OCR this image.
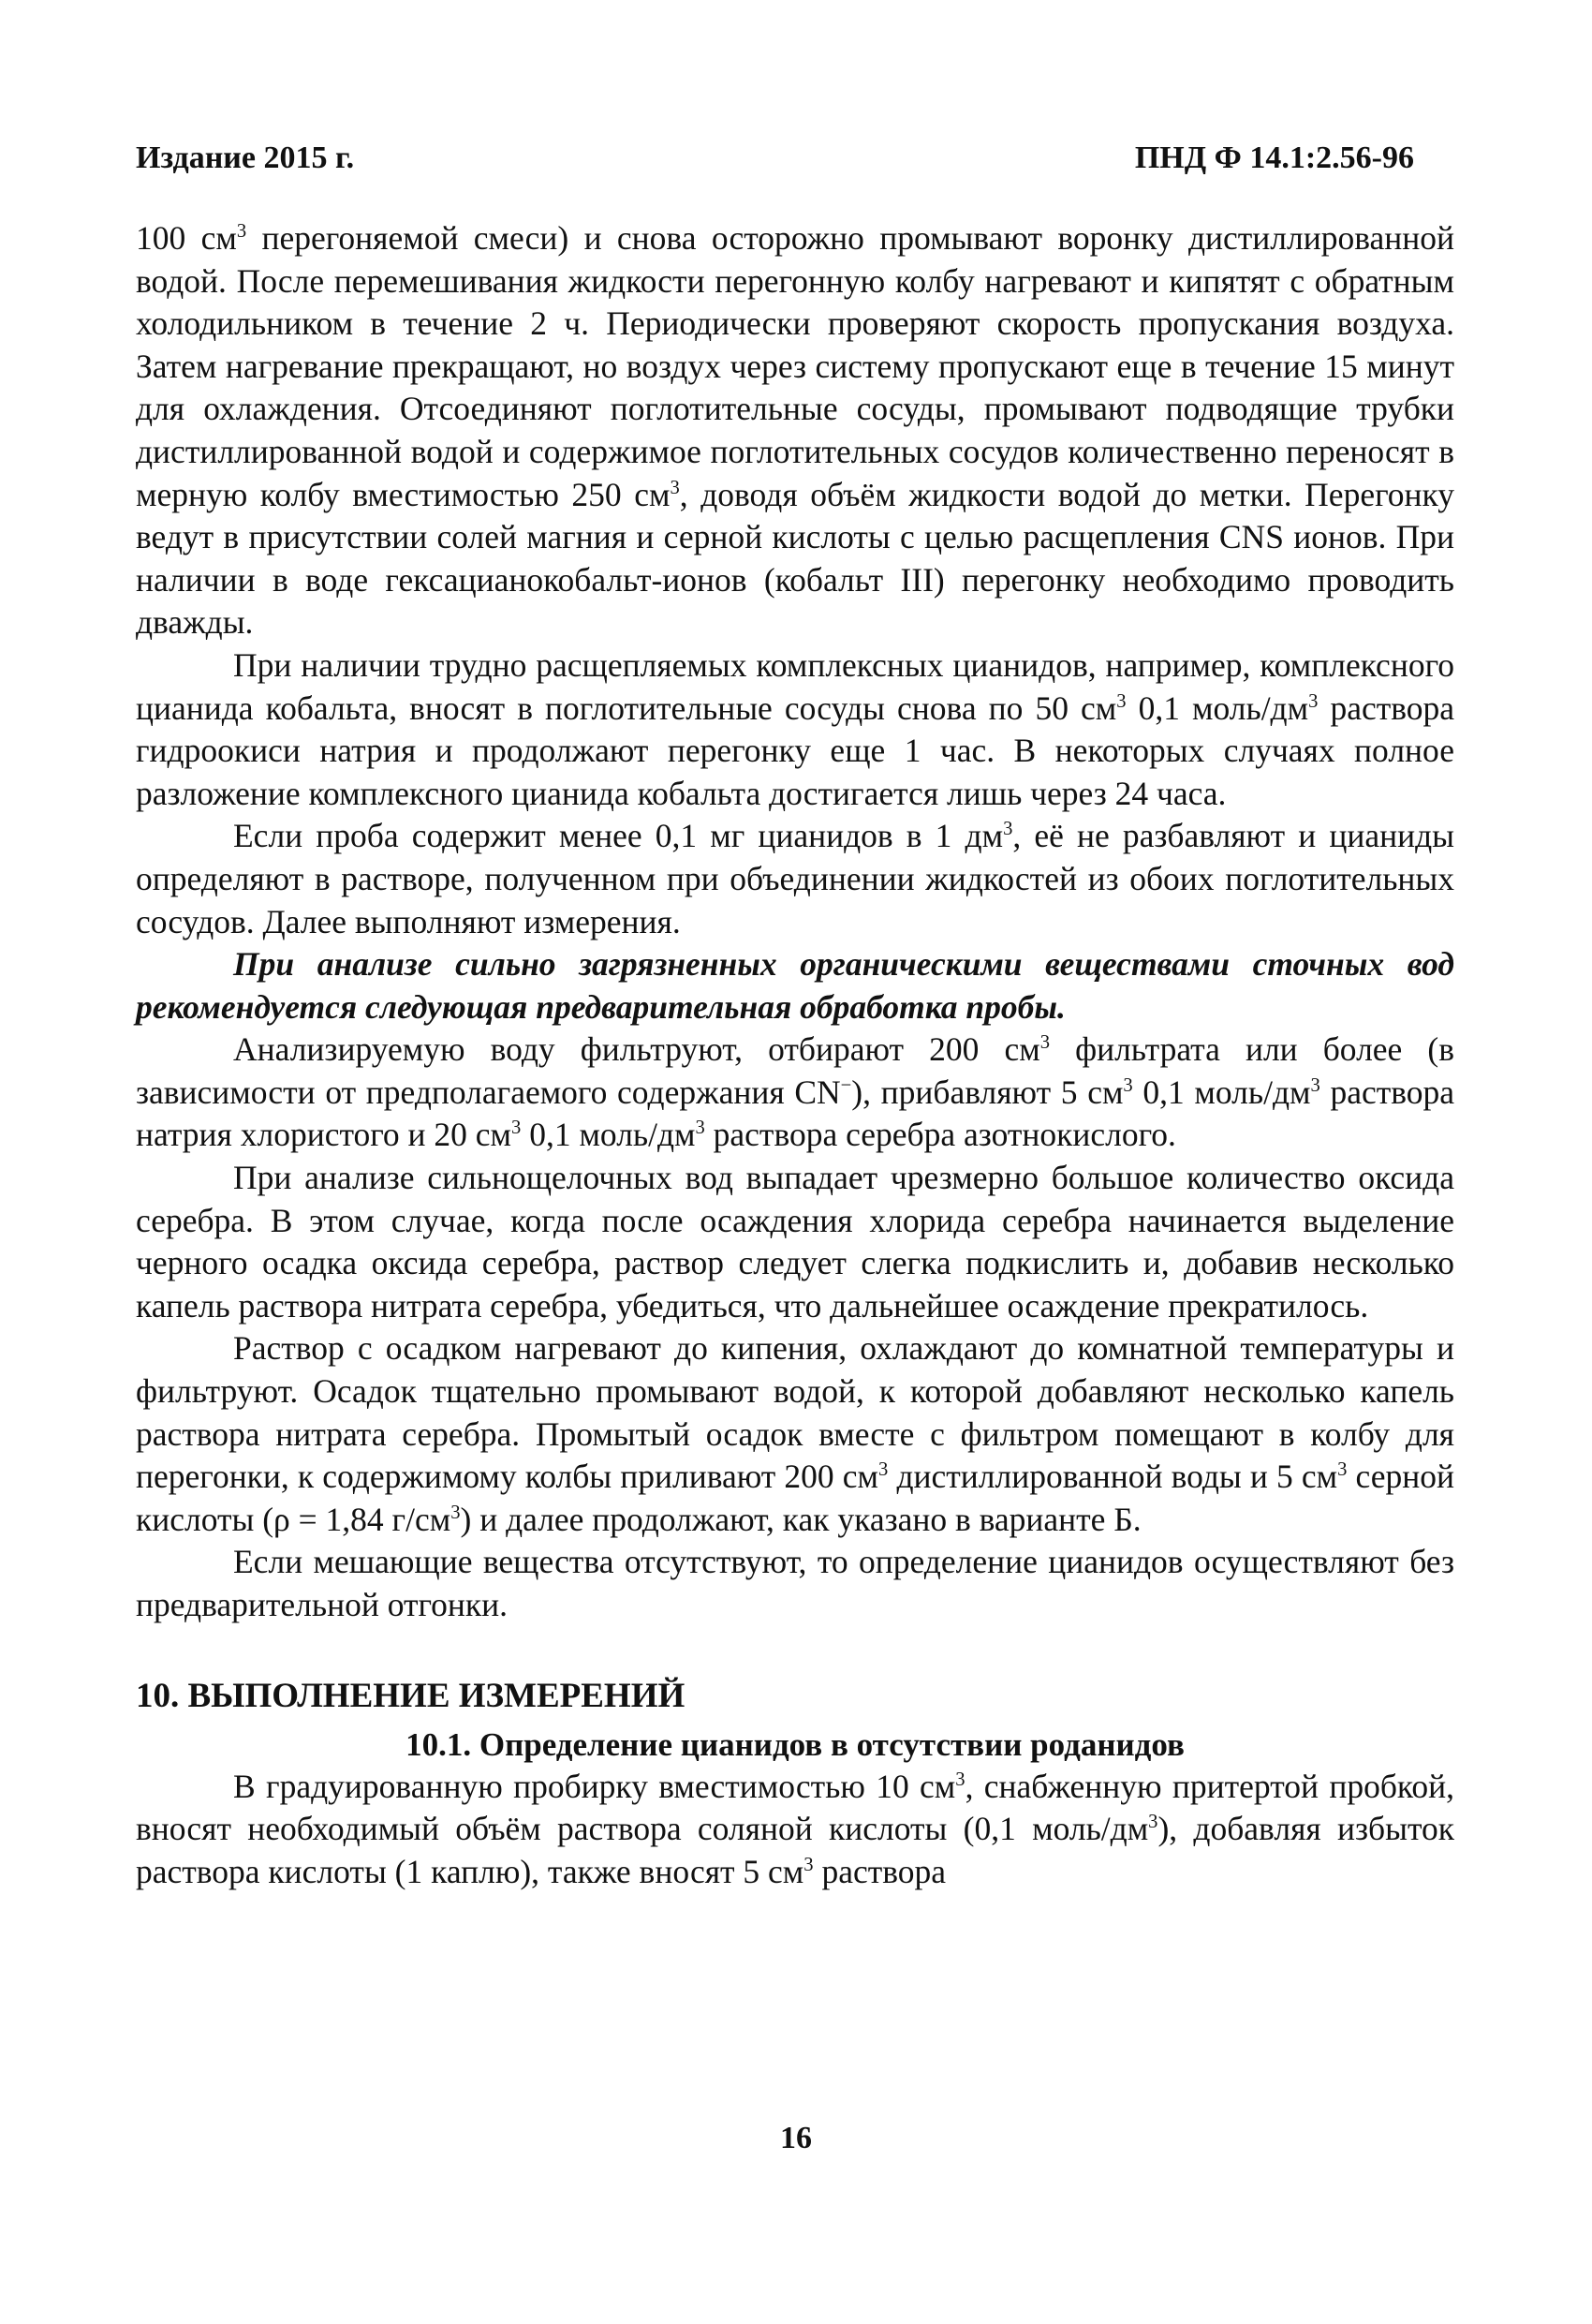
Издание 2015 г.	ПНД Ф 14.1:2.56-96

100 $см^3$ перегоняемой смеси) и снова осторожно промывают воронку дистиллированной водой. После перемешивания жидкости перегонную колбу нагревают и кипятят с обратным холодильником в течение 2 ч. Периодически проверяют скорость пропускания воздуха. Затем нагревание прекращают, но воздух через систему пропускают еще в течение 15 минут для охлаждения. Отсоединяют поглотительные сосуды, промывают подводящие трубки дистиллированной водой и содержимое поглотительных сосудов количественно переносят в мерную колбу вместимостью 250 $см^3$, доводя объём жидкости водой до метки. Перегонку ведут в присутствии солей магния и серной кислоты с целью расщепления CNS ионов. При наличии в воде гексацианокобальт-ионов (кобальт III) перегонку необходимо проводить дважды.

При наличии трудно расщепляемых комплексных цианидов, например, комплексного цианида кобальта, вносят в поглотительные сосуды снова по 50 $см^3$ 0,1 моль/$дм^3$ раствора гидроокиси натрия и продолжают перегонку еще 1 час. В некоторых случаях полное разложение комплексного цианида кобальта достигается лишь через 24 часа.

Если проба содержит менее 0,1 мг цианидов в 1 $дм^3$, её не разбавляют и цианиды определяют в растворе, полученном при объединении жидкостей из обоих поглотительных сосудов. Далее выполняют измерения.

При анализе сильно загрязненных органическими веществами сточных вод рекомендуется следующая предварительная обработка пробы.

Анализируемую воду фильтруют, отбирают 200 $см^3$ фильтрата или более (в зависимости от предполагаемого содержания CN−), прибавляют 5 $см^3$ 0,1 моль/$дм^3$ раствора натрия хлористого и 20 $см^3$ 0,1 моль/$дм^3$ раствора серебра азотнокислого.

При анализе сильнощелочных вод выпадает чрезмерно большое количество оксида серебра. В этом случае, когда после осаждения хлорида серебра начинается выделение черного осадка оксида серебра, раствор следует слегка подкислить и, добавив несколько капель раствора нитрата серебра, убедиться, что дальнейшее осаждение прекратилось.

Раствор с осадком нагревают до кипения, охлаждают до комнатной температуры и фильтруют. Осадок тщательно промывают водой, к которой добавляют несколько капель раствора нитрата серебра. Промытый осадок вместе с фильтром помещают в колбу для перегонки, к содержимому колбы приливают 200 $см^3$ дистиллированной воды и 5 $см^3$ серной кислоты (ρ = 1,84 $г/см^3$) и далее продолжают, как указано в варианте Б.

Если мешающие вещества отсутствуют, то определение цианидов осуществляют без предварительной отгонки.

10. ВЫПОЛНЕНИЕ ИЗМЕРЕНИЙ
10.1. Определение цианидов в отсутствии роданидов

В градуированную пробирку вместимостью 10 $см^3$, снабженную притертой пробкой, вносят необходимый объём раствора соляной кислоты (0,1 моль/$дм^3$), добавляя избыток раствора кислоты (1 каплю), также вносят 5 $см^3$ раствора

16
